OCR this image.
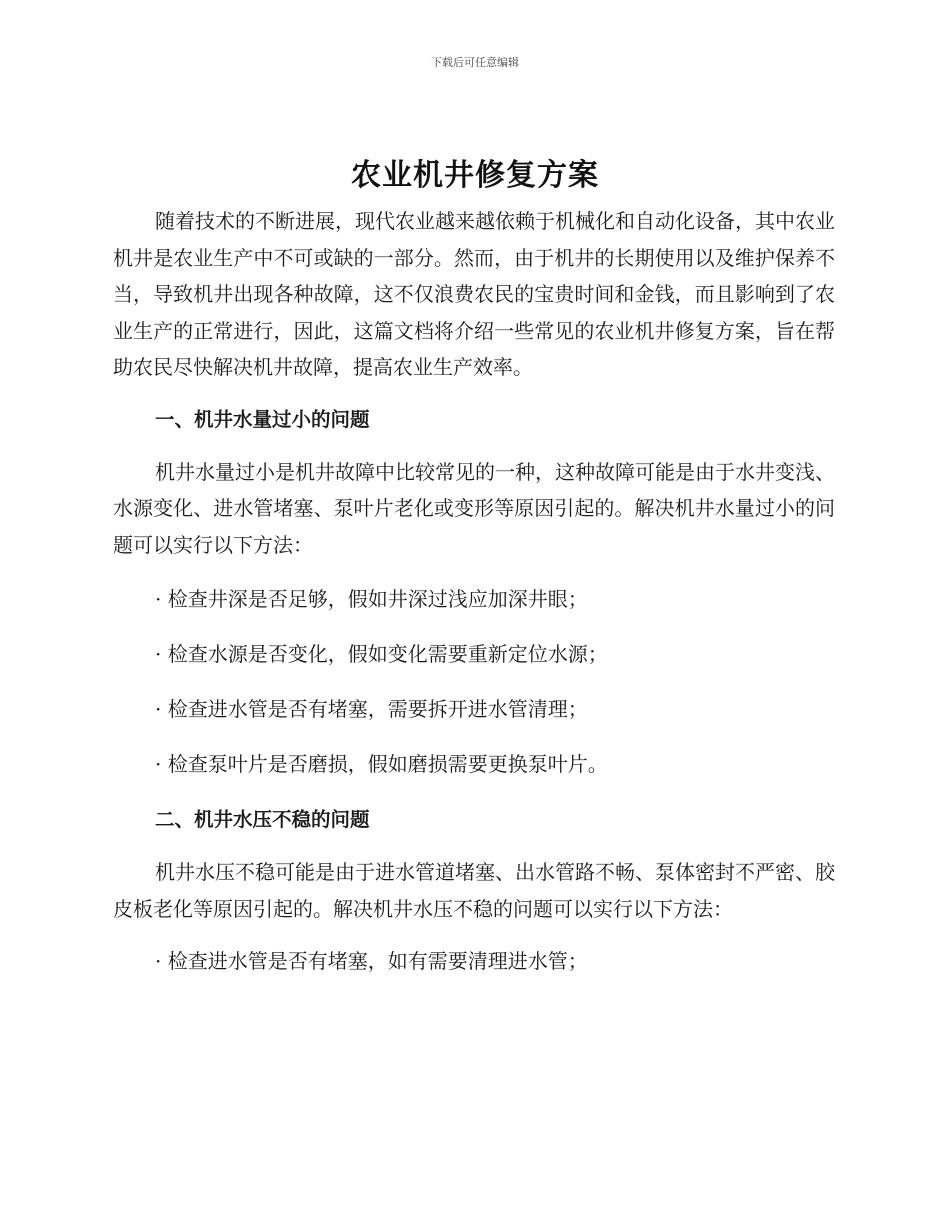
下载后可任意编辑
农业机井修复方案

随着技术的不断进展，现代农业越来越依赖于机械化和自动化设备，其中农业机井是农业生产中不可或缺的一部分。然而，由于机井的长期使用以及维护保养不当，导致机井出现各种故障，这不仅浪费农民的宝贵时间和金钱，而且影响到了农业生产的正常进行，因此，这篇文档将介绍一些常见的农业机井修复方案，旨在帮助农民尽快解决机井故障，提高农业生产效率。

一、机井水量过小的问题

机井水量过小是机井故障中比较常见的一种，这种故障可能是由于水井变浅、水源变化、进水管堵塞、泵叶片老化或变形等原因引起的。解决机井水量过小的问题可以实行以下方法：

· 检查井深是否足够，假如井深过浅应加深井眼；

· 检查水源是否变化，假如变化需要重新定位水源；

· 检查进水管是否有堵塞，需要拆开进水管清理；

· 检查泵叶片是否磨损，假如磨损需要更换泵叶片。

二、机井水压不稳的问题

机井水压不稳可能是由于进水管道堵塞、出水管路不畅、泵体密封不严密、胶皮板老化等原因引起的。解决机井水压不稳的问题可以实行以下方法：

· 检查进水管是否有堵塞，如有需要清理进水管；
